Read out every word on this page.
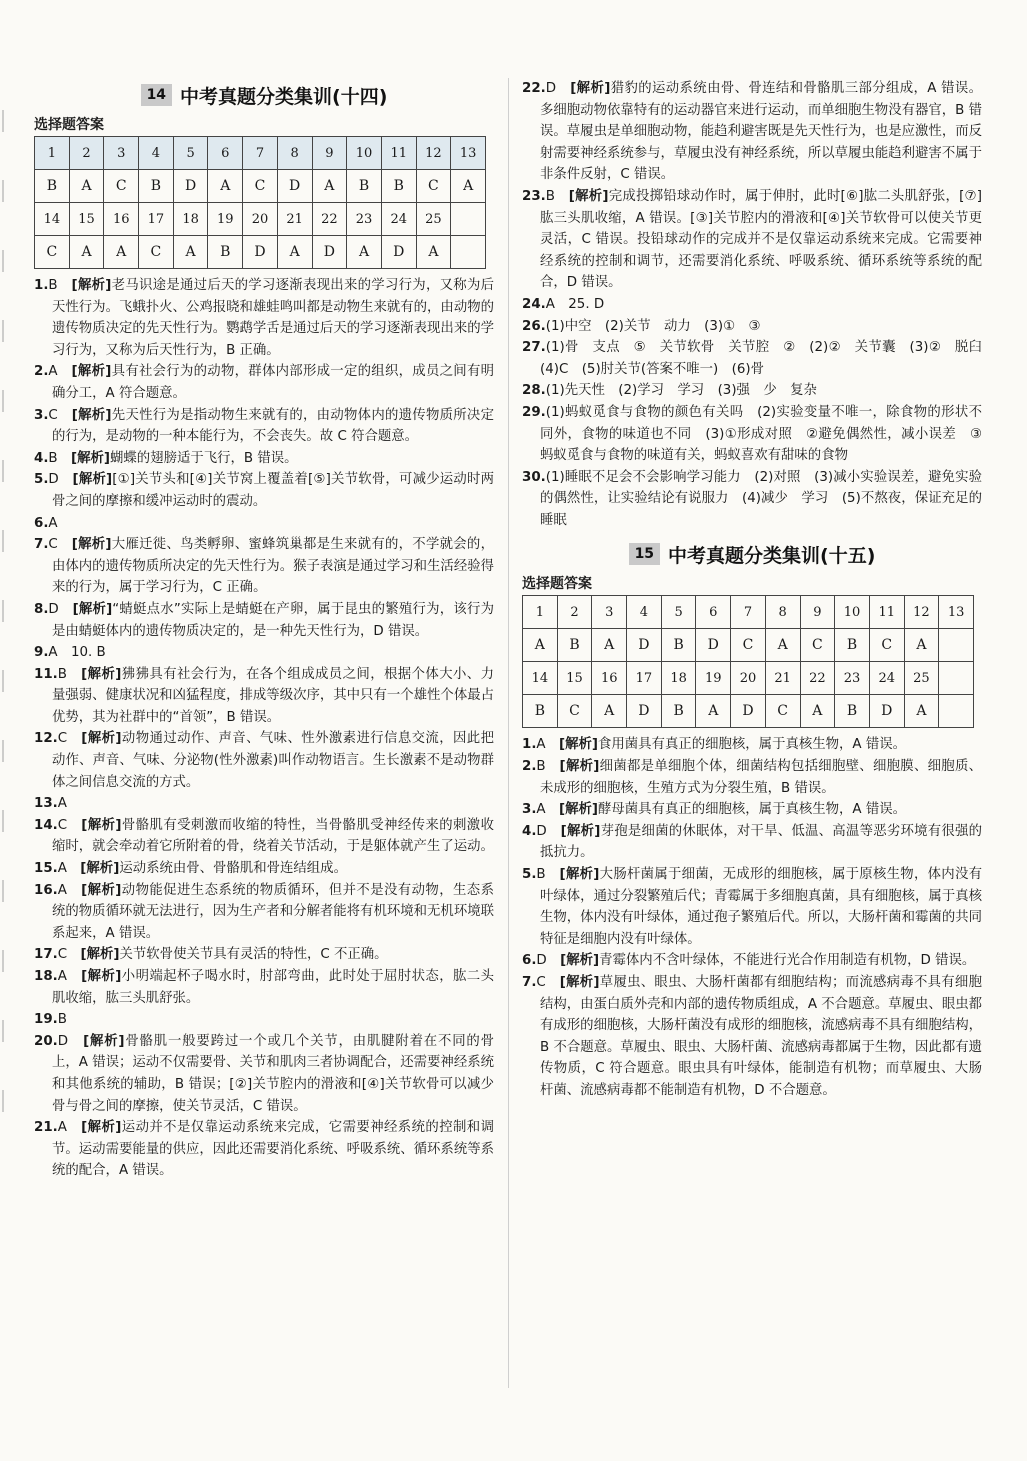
14 中考真题分类集训(十四)
选择题答案
1	2	3	4	5	6	7	8	9	10	11	12	13
B	A	C	B	D	A	C	D	A	B	B	C	A
14	15	16	17	18	19	20	21	22	23	24	25	
C	A	A	C	A	B	D	A	D	A	D	A	

1.B　[解析]老马识途是通过后天的学习逐渐表现出来的学习行为，又称为后天性行为。飞蛾扑火、公鸡报晓和雄蛙鸣叫都是动物生来就有的，由动物的遗传物质决定的先天性行为。鹦鹉学舌是通过后天的学习逐渐表现出来的学习行为，又称为后天性行为，B 正确。

2.A　[解析]具有社会行为的动物，群体内部形成一定的组织，成员之间有明确分工，A 符合题意。

3.C　[解析]先天性行为是指动物生来就有的，由动物体内的遗传物质所决定的行为，是动物的一种本能行为，不会丧失。故 C 符合题意。

4.B　[解析]蝴蝶的翅膀适于飞行，B 错误。

5.D　[解析][①]关节头和[④]关节窝上覆盖着[⑤]关节软骨，可减少运动时两骨之间的摩擦和缓冲运动时的震动。

6.A

7.C　[解析]大雁迁徙、鸟类孵卵、蜜蜂筑巢都是生来就有的，不学就会的，由体内的遗传物质所决定的先天性行为。猴子表演是通过学习和生活经验得来的行为，属于学习行为，C 正确。

8.D　[解析]“蜻蜓点水”实际上是蜻蜓在产卵，属于昆虫的繁殖行为，该行为是由蜻蜓体内的遗传物质决定的，是一种先天性行为，D 错误。

9.A　10. B

11.B　[解析]狒狒具有社会行为，在各个组成成员之间，根据个体大小、力量强弱、健康状况和凶猛程度，排成等级次序，其中只有一个雄性个体最占优势，其为社群中的“首领”，B 错误。

12.C　[解析]动物通过动作、声音、气味、性外激素进行信息交流，因此把动作、声音、气味、分泌物(性外激素)叫作动物语言。生长激素不是动物群体之间信息交流的方式。

13.A

14.C　[解析]骨骼肌有受刺激而收缩的特性，当骨骼肌受神经传来的刺激收缩时，就会牵动着它所附着的骨，绕着关节活动，于是躯体就产生了运动。

15.A　[解析]运动系统由骨、骨骼肌和骨连结组成。

16.A　[解析]动物能促进生态系统的物质循环，但并不是没有动物，生态系统的物质循环就无法进行，因为生产者和分解者能将有机环境和无机环境联系起来，A 错误。

17.C　[解析]关节软骨使关节具有灵活的特性，C 不正确。

18.A　[解析]小明端起杯子喝水时，肘部弯曲，此时处于屈肘状态，肱二头肌收缩，肱三头肌舒张。

19.B

20.D　[解析]骨骼肌一般要跨过一个或几个关节，由肌腱附着在不同的骨上，A 错误；运动不仅需要骨、关节和肌肉三者协调配合，还需要神经系统和其他系统的辅助，B 错误；[②]关节腔内的滑液和[④]关节软骨可以减少骨与骨之间的摩擦，使关节灵活，C 错误。

21.A　[解析]运动并不是仅靠运动系统来完成，它需要神经系统的控制和调节。运动需要能量的供应，因此还需要消化系统、呼吸系统、循环系统等系统的配合，A 错误。

22.D　[解析]猎豹的运动系统由骨、骨连结和骨骼肌三部分组成，A 错误。多细胞动物依靠特有的运动器官来进行运动，而单细胞生物没有器官，B 错误。草履虫是单细胞动物，能趋利避害既是先天性行为，也是应激性，而反射需要神经系统参与，草履虫没有神经系统，所以草履虫能趋利避害不属于非条件反射，C 错误。

23.B　[解析]完成投掷铅球动作时，属于伸肘，此时[⑥]肱二头肌舒张，[⑦]肱三头肌收缩，A 错误。[③]关节腔内的滑液和[④]关节软骨可以使关节更灵活，C 错误。投铅球动作的完成并不是仅靠运动系统来完成。它需要神经系统的控制和调节，还需要消化系统、呼吸系统、循环系统等系统的配合，D 错误。

24.A　25. D

26.(1)中空　(2)关节　动力　(3)①　③

27.(1)骨　支点　⑤　关节软骨　关节腔　②　(2)②　关节囊　(3)②　脱臼　(4)C　(5)肘关节(答案不唯一)　(6)骨

28.(1)先天性　(2)学习　学习　(3)强　少　复杂

29.(1)蚂蚁觅食与食物的颜色有关吗　(2)实验变量不唯一，除食物的形状不同外，食物的味道也不同　(3)①形成对照　②避免偶然性，减小误差　③蚂蚁觅食与食物的味道有关，蚂蚁喜欢有甜味的食物

30.(1)睡眠不足会不会影响学习能力　(2)对照　(3)减小实验误差，避免实验的偶然性，让实验结论有说服力　(4)减少　学习　(5)不熬夜，保证充足的睡眠

15 中考真题分类集训(十五)
选择题答案
1	2	3	4	5	6	7	8	9	10	11	12	13
A	B	A	D	B	D	C	A	C	B	C	A	
14	15	16	17	18	19	20	21	22	23	24	25	
B	C	A	D	B	A	D	C	A	B	D	A	

1.A　[解析]食用菌具有真正的细胞核，属于真核生物，A 错误。

2.B　[解析]细菌都是单细胞个体，细菌结构包括细胞壁、细胞膜、细胞质、未成形的细胞核，生殖方式为分裂生殖，B 错误。

3.A　[解析]酵母菌具有真正的细胞核，属于真核生物，A 错误。

4.D　[解析]芽孢是细菌的休眠体，对干旱、低温、高温等恶劣环境有很强的抵抗力。

5.B　[解析]大肠杆菌属于细菌，无成形的细胞核，属于原核生物，体内没有叶绿体，通过分裂繁殖后代；青霉属于多细胞真菌，具有细胞核，属于真核生物，体内没有叶绿体，通过孢子繁殖后代。所以，大肠杆菌和霉菌的共同特征是细胞内没有叶绿体。

6.D　[解析]青霉体内不含叶绿体，不能进行光合作用制造有机物，D 错误。

7.C　[解析]草履虫、眼虫、大肠杆菌都有细胞结构；而流感病毒不具有细胞结构，由蛋白质外壳和内部的遗传物质组成，A 不合题意。草履虫、眼虫都有成形的细胞核，大肠杆菌没有成形的细胞核，流感病毒不具有细胞结构，B 不合题意。草履虫、眼虫、大肠杆菌、流感病毒都属于生物，因此都有遗传物质，C 符合题意。眼虫具有叶绿体，能制造有机物；而草履虫、大肠杆菌、流感病毒都不能制造有机物，D 不合题意。
